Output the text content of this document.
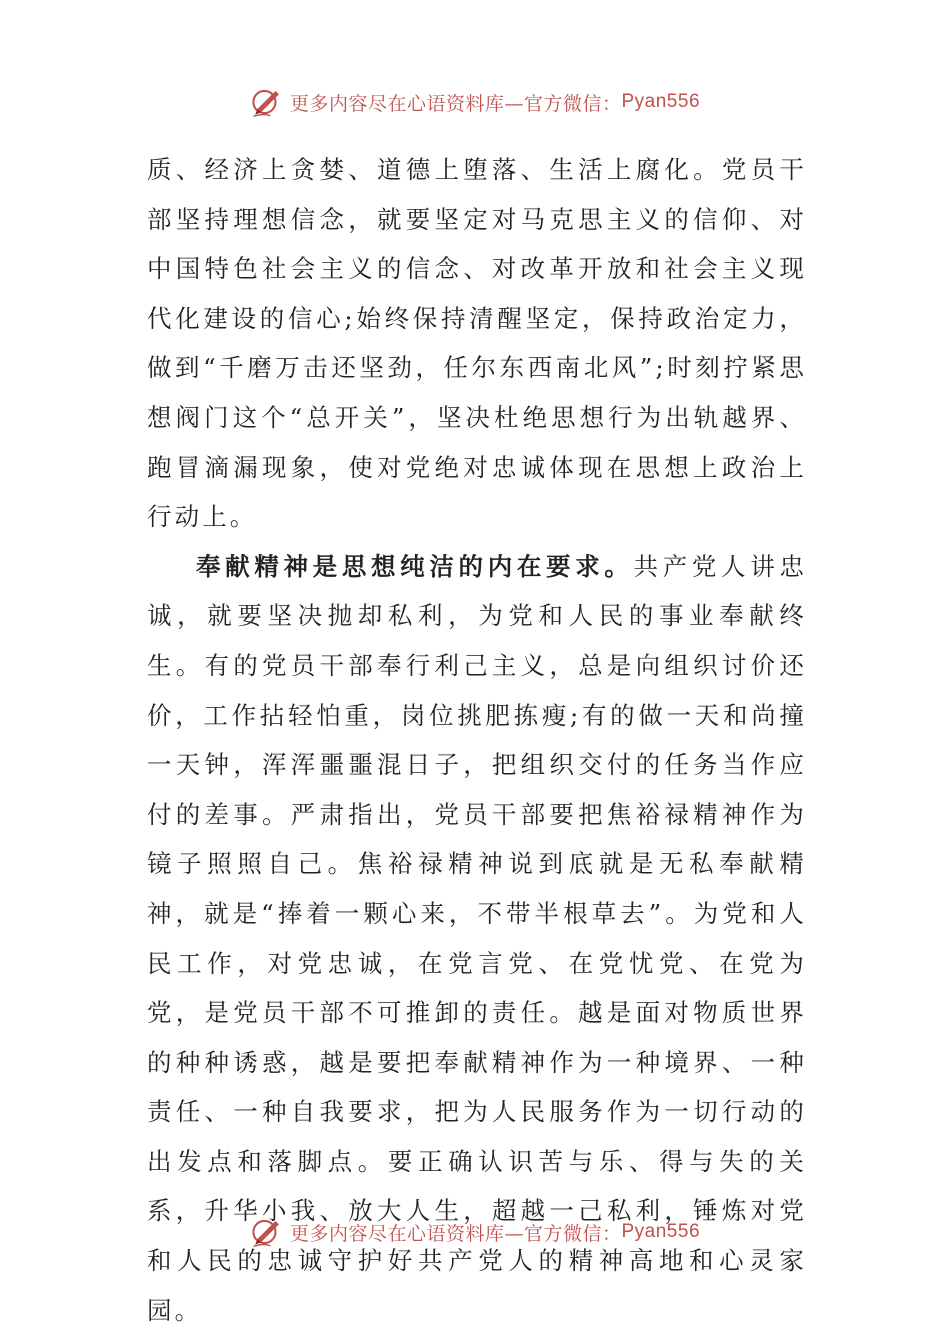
更多内容尽在心语资料库—官方微信： Pyan556

质、经济上贪婪、道德上堕落、生活上腐化。党员干部坚持理想信念，就要坚定对马克思主义的信仰、对中国特色社会主义的信念、对改革开放和社会主义现代化建设的信心;始终保持清醒坚定，保持政治定力，做到“千磨万击还坚劲，任尔东西南北风”;时刻拧紧思想阀门这个“总开关”，坚决杜绝思想行为出轨越界、跑冒滴漏现象，使对党绝对忠诚体现在思想上政治上行动上。

奉献精神是思想纯洁的内在要求。共产党人讲忠诚，就要坚决抛却私利，为党和人民的事业奉献终生。有的党员干部奉行利己主义，总是向组织讨价还价，工作拈轻怕重，岗位挑肥拣瘦;有的做一天和尚撞一天钟，浑浑噩噩混日子，把组织交付的任务当作应付的差事。严肃指出，党员干部要把焦裕禄精神作为镜子照照自己。焦裕禄精神说到底就是无私奉献精神，就是“捧着一颗心来，不带半根草去”。为党和人民工作，对党忠诚，在党言党、在党忧党、在党为党，是党员干部不可推卸的责任。越是面对物质世界的种种诱惑，越是要把奉献精神作为一种境界、一种责任、一种自我要求，把为人民服务作为一切行动的出发点和落脚点。要正确认识苦与乐、得与失的关系，升华小我、放大人生，超越一己私利，锤炼对党和人民的忠诚守护好共产党人的精神高地和心灵家园。

更多内容尽在心语资料库—官方微信： Pyan556
